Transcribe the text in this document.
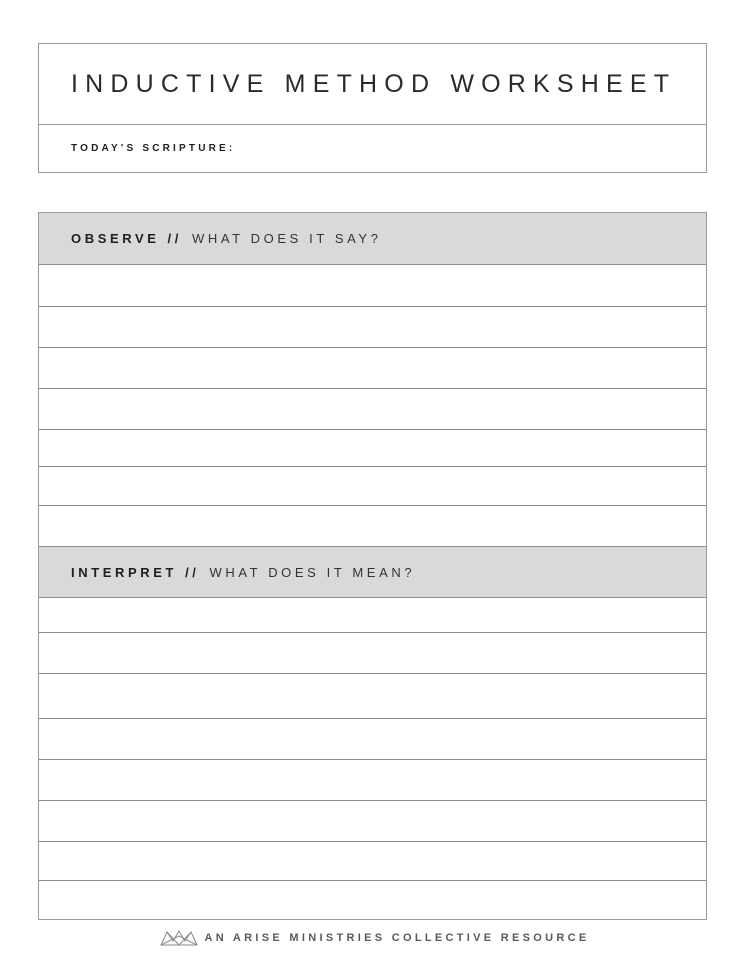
INDUCTIVE METHOD WORKSHEET
TODAY'S SCRIPTURE:
OBSERVE // WHAT DOES IT SAY?
INTERPRET // WHAT DOES IT MEAN?
AN ARISE MINISTRIES COLLECTIVE RESOURCE
